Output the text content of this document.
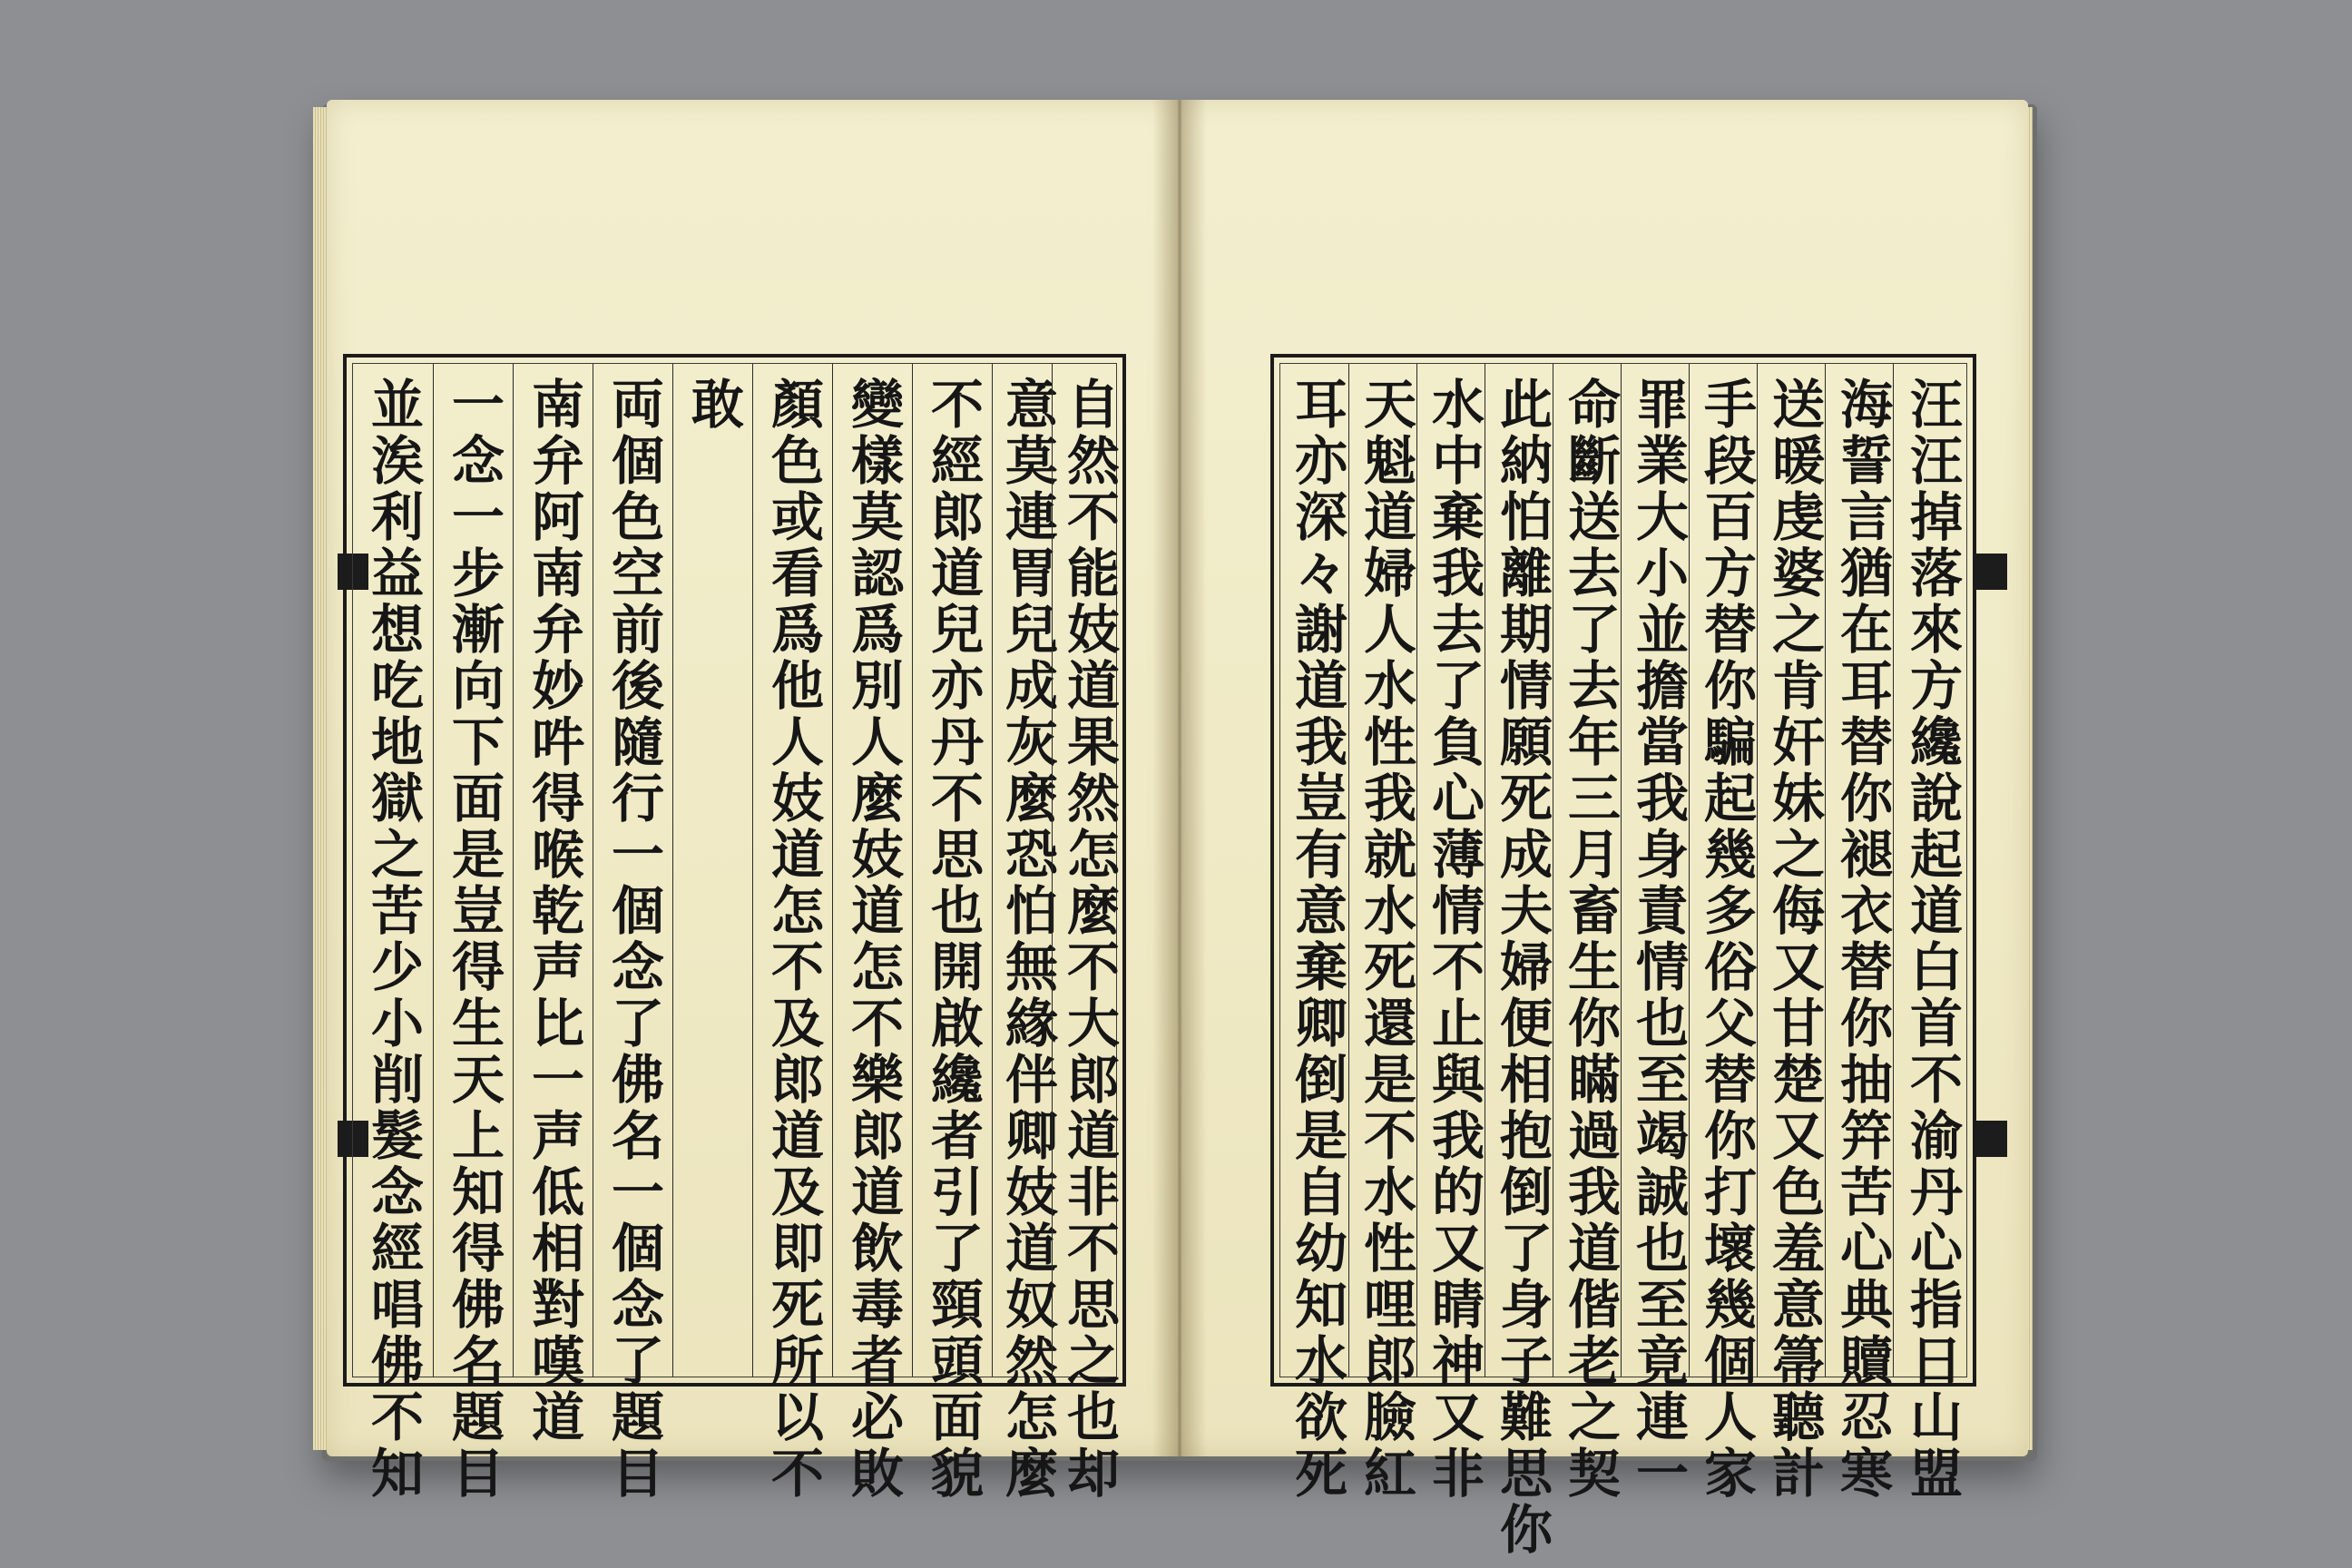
並涘利益想吃地獄之苦少小削髮念經唱佛不知 一念一步漸向下面是豈得生天上知得佛名題目 南弁阿南弁妙吽得喉乾声比一声低相對嘆道 両個色空前後隨行一個念了佛名一個念了題目 敢 顏色或看爲他人妓道怎不及郎道及即死所以不 變樣莫認爲別人麼妓道怎不樂郎道飲毒者必敗 不經郎道兒亦丹不思也開啟纔者引了頸頭面貌 意莫連胃兒成灰麼恐怕無緣伴卿妓道奴然怎麼 自然不能妓道果然怎麼不大郎道非不思之也却	耳亦深々謝道我豈有意棄卿倒是自幼知水欲死 天魁道婦人水性我就水死還是不水性哩郎臉紅 水中棄我去了負心薄情不止與我的又睛神又非 此納怕離期情願死成夫婦便相抱倒了身子難思你 命斷送去了去年三月畜生你瞞過我道偕老之契 罪業大小並擔當我身責情也至竭誠也至竟連一 手段百方替你騙起幾多俗父替你打壞幾個人家 送暖虔婆之肯奸妹之侮又甘楚又色羞意箒聽計 海誓言猶在耳替你褪衣替你抽筓苦心典贖忍寒 汪汪掉落來方纔說起道白首不渝丹心指日山盟
